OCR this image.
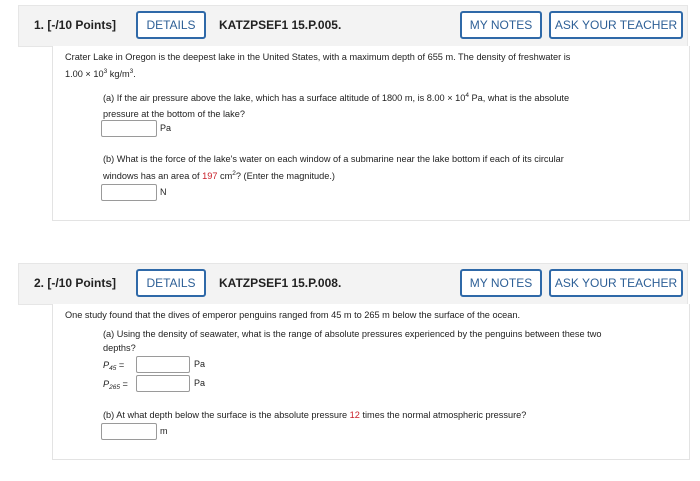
1. [-/10 Points]	DETAILS	KATZPSEF1 15.P.005.	MY NOTES	ASK YOUR TEACHER
Crater Lake in Oregon is the deepest lake in the United States, with a maximum depth of 655 m. The density of freshwater is
$1.00 \times 10^3$ $kg/m^3$.
(a) If the air pressure above the lake, which has a surface altitude of 1800 m, is $8.00 \times 10^4$ Pa, what is the absolute
pressure at the bottom of the lake?
Pa
(b) What is the force of the lake's water on each window of a submarine near the lake bottom if each of its circular
windows has an area of 197 $cm^2$? (Enter the magnitude.)
N
2. [-/10 Points]	DETAILS	KATZPSEF1 15.P.008.	MY NOTES	ASK YOUR TEACHER
One study found that the dives of emperor penguins ranged from 45 m to 265 m below the surface of the ocean.
(a) Using the density of seawater, what is the range of absolute pressures experienced by the penguins between these two
depths?
$P_{45}$ =	Pa
$P_{265}$ =	Pa
(b) At what depth below the surface is the absolute pressure 12 times the normal atmospheric pressure?
m
